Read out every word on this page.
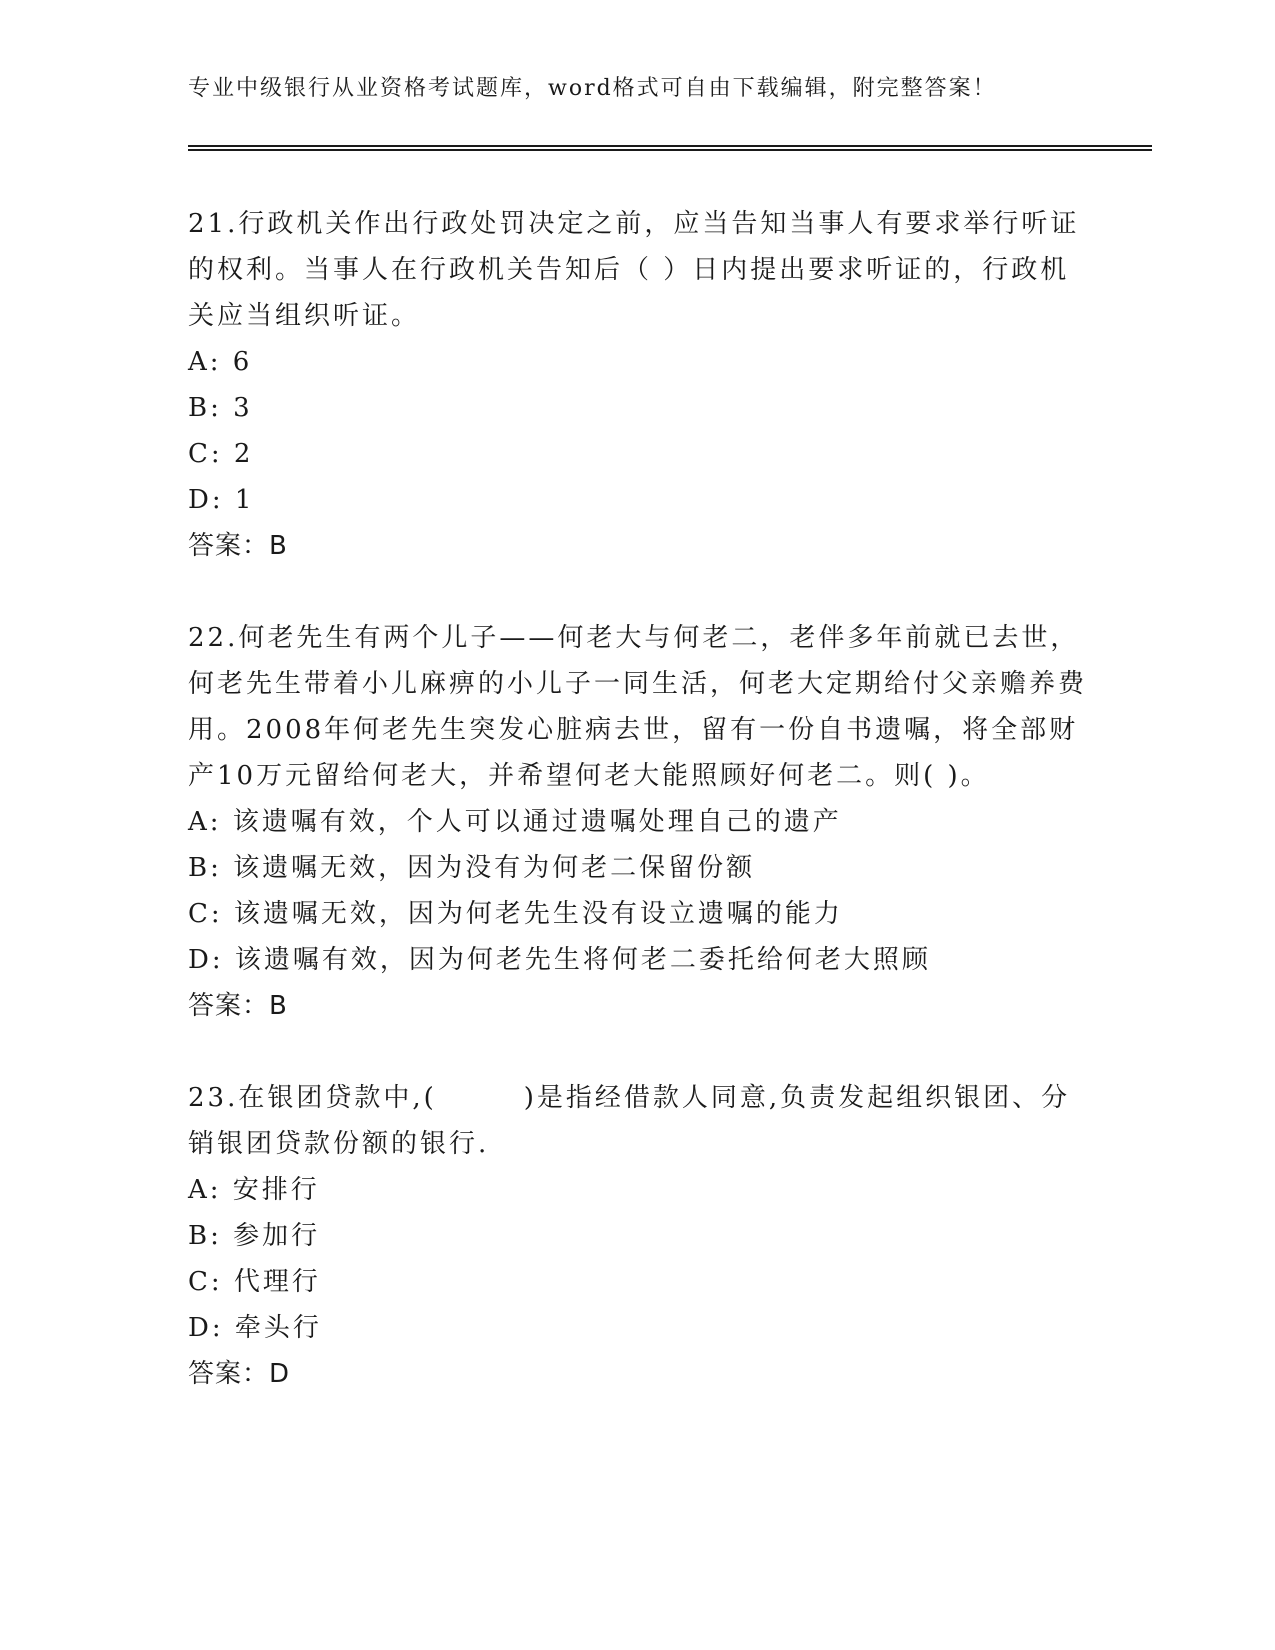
专业中级银行从业资格考试题库，word格式可自由下载编辑，附完整答案！

21.行政机关作出行政处罚决定之前，应当告知当事人有要求举行听证的权利。当事人在行政机关告知后（ ）日内提出要求听证的，行政机关应当组织听证。

A: 6

B: 3

C: 2

D: 1

答案：B

22.何老先生有两个儿子——何老大与何老二，老伴多年前就已去世，何老先生带着小儿麻痹的小儿子一同生活，何老大定期给付父亲赡养费用。2008年何老先生突发心脏病去世，留有一份自书遗嘱，将全部财产10万元留给何老大，并希望何老大能照顾好何老二。则( )。

A: 该遗嘱有效，个人可以通过遗嘱处理自己的遗产

B: 该遗嘱无效，因为没有为何老二保留份额

C: 该遗嘱无效，因为何老先生没有设立遗嘱的能力

D: 该遗嘱有效，因为何老先生将何老二委托给何老大照顾

答案：B

23.在银团贷款中,(　　　)是指经借款人同意,负责发起组织银团、分销银团贷款份额的银行.

A: 安排行

B: 参加行

C: 代理行

D: 牵头行

答案：D
